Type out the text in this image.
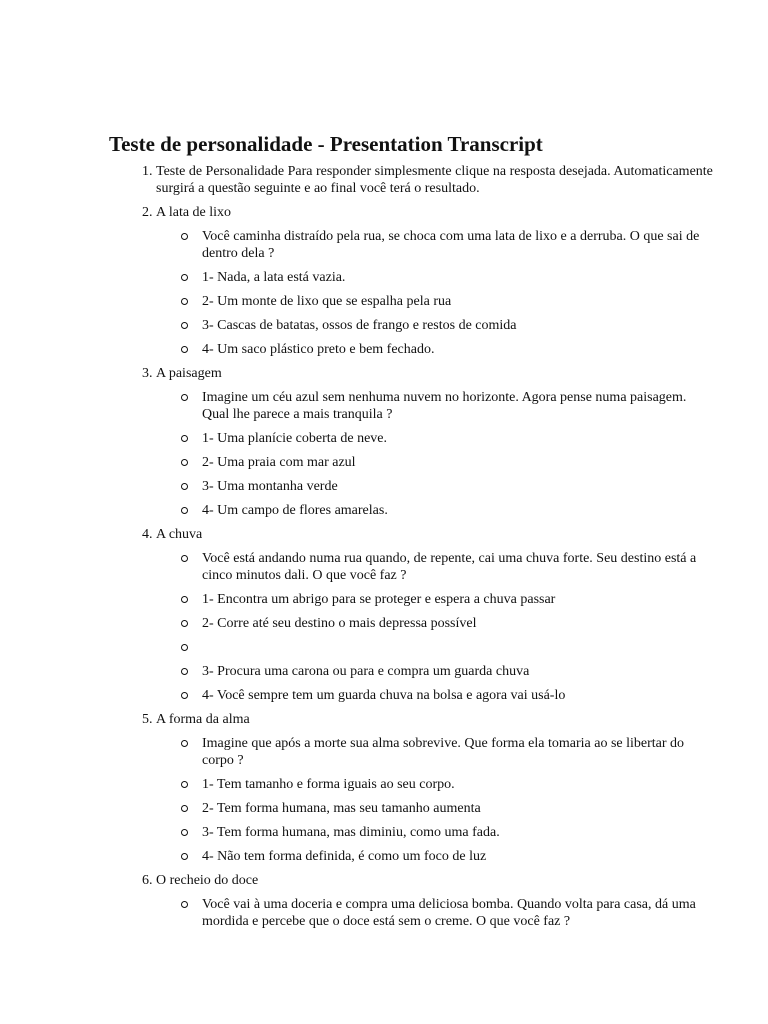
Teste de personalidade - Presentation Transcript
1. Teste de Personalidade Para responder simplesmente clique na resposta desejada. Automaticamente surgirá a questão seguinte e ao final você terá o resultado.
2. A lata de lixo
Você caminha distraído pela rua, se choca com uma lata de lixo e a derruba. O que sai de dentro dela ?
1- Nada, a lata está vazia.
2- Um monte de lixo que se espalha pela rua
3- Cascas de batatas, ossos de frango e restos de comida
4- Um saco plástico preto e bem fechado.
3. A paisagem
Imagine um céu azul sem nenhuma nuvem no horizonte. Agora pense numa paisagem. Qual lhe parece a mais tranquila ?
1- Uma planície coberta de neve.
2- Uma praia com mar azul
3- Uma montanha verde
4- Um campo de flores amarelas.
4. A chuva
Você está andando numa rua quando, de repente, cai uma chuva forte. Seu destino está a cinco minutos dali. O que você faz ?
1- Encontra um abrigo para se proteger e espera a chuva passar
2- Corre até seu destino o mais depressa possível
3- Procura uma carona ou para e compra um guarda chuva
4- Você sempre tem um guarda chuva na bolsa e agora vai usá-lo
5. A forma da alma
Imagine que após a morte sua alma sobrevive. Que forma ela tomaria ao se libertar do corpo ?
1- Tem tamanho e forma iguais ao seu corpo.
2- Tem forma humana, mas seu tamanho aumenta
3- Tem forma humana, mas diminiu, como uma fada.
4- Não tem forma definida, é como um foco de luz
6. O recheio do doce
Você vai à uma doceria e compra uma deliciosa bomba. Quando volta para casa, dá uma mordida e percebe que o doce está sem o creme. O que você faz ?
